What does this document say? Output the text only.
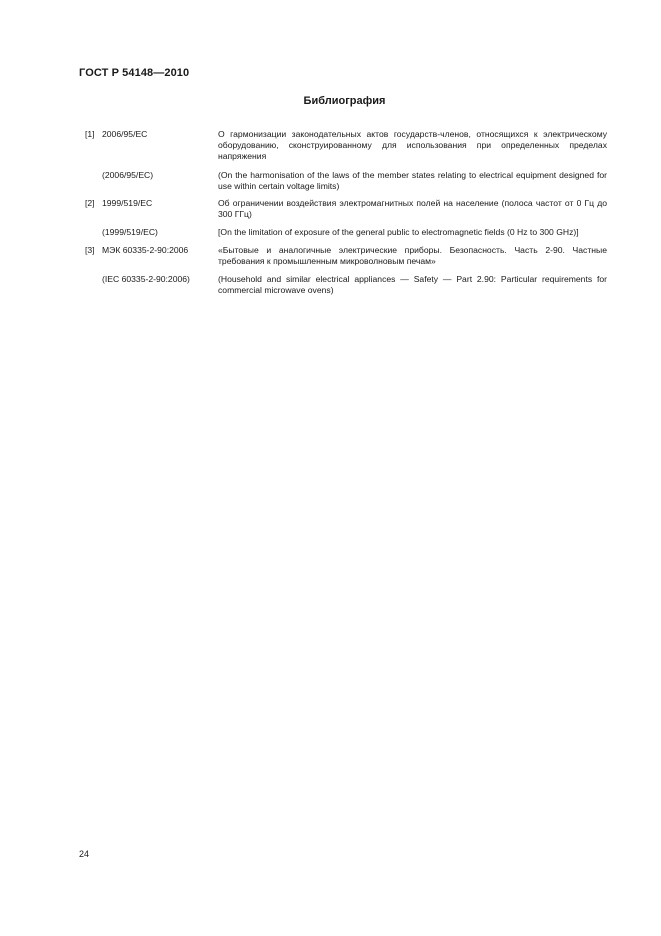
ГОСТ Р 54148—2010
Библиография
[1] 2006/95/ЕС	О гармонизации законодательных актов государств-членов, относящихся к электрическому оборудованию, сконструированному для использования при определенных пределах напряжения
(2006/95/ЕС)	(On the harmonisation of the laws of the member states relating to electrical equipment designed for use within certain voltage limits)
[2] 1999/519/ЕС	Об ограничении воздействия электромагнитных полей на население (полоса частот от 0 Гц до 300 ГГц)
(1999/519/ЕС)	[On the limitation of exposure of the general public to electromagnetic fields (0 Hz to 300 GHz)]
[3] МЭК 60335-2-90:2006	«Бытовые и аналогичные электрические приборы. Безопасность. Часть 2-90. Частные требования к промышленным микроволновым печам»
(IEC 60335-2-90:2006)	(Household and similar electrical appliances — Safety — Part 2.90: Particular requirements for commercial microwave ovens)
24
